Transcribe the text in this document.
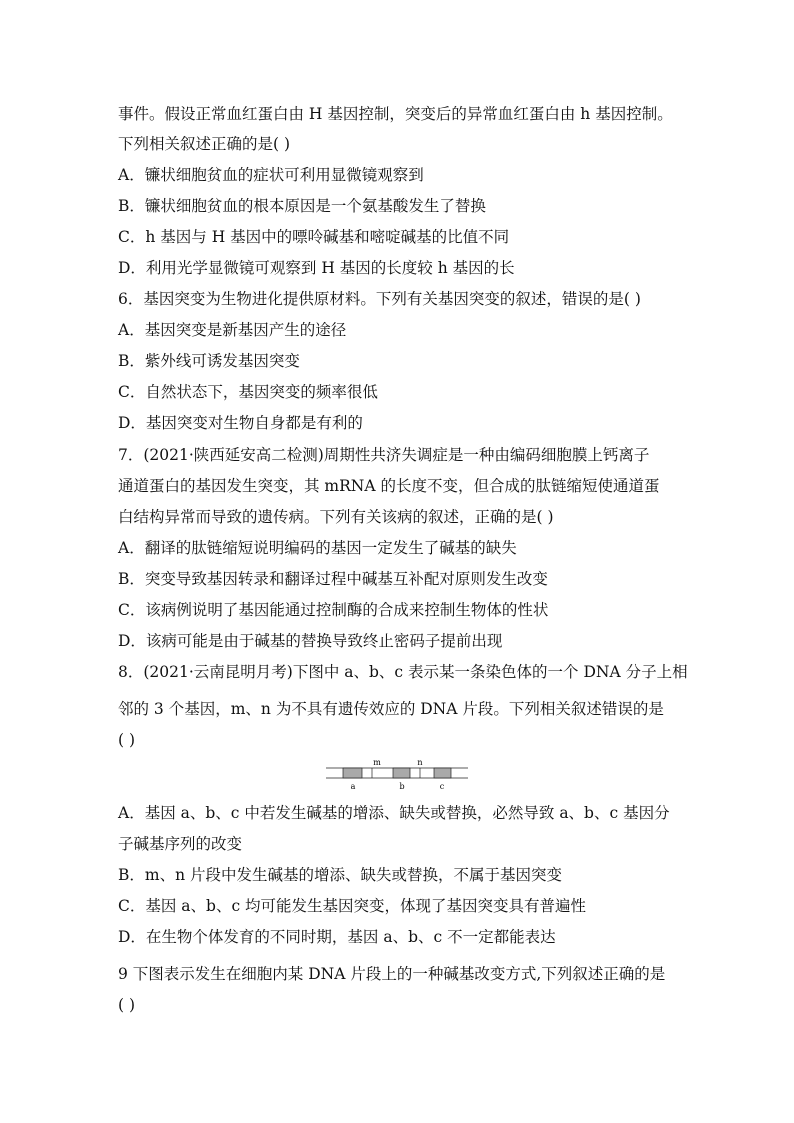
事件。假设正常血红蛋白由 H 基因控制，突变后的异常血红蛋白由 h 基因控制。
下列相关叙述正确的是( )
A．镰状细胞贫血的症状可利用显微镜观察到
B．镰状细胞贫血的根本原因是一个氨基酸发生了替换
C．h 基因与 H 基因中的嘌呤碱基和嘧啶碱基的比值不同
D．利用光学显微镜可观察到 H 基因的长度较 h 基因的长
6．基因突变为生物进化提供原材料。下列有关基因突变的叙述，错误的是( )
A．基因突变是新基因产生的途径
B．紫外线可诱发基因突变
C．自然状态下，基因突变的频率很低
D．基因突变对生物自身都是有利的
7．(2021·陕西延安高二检测)周期性共济失调症是一种由编码细胞膜上钙离子
通道蛋白的基因发生突变，其 mRNA 的长度不变，但合成的肽链缩短使通道蛋
白结构异常而导致的遗传病。下列有关该病的叙述，正确的是( )
A．翻译的肽链缩短说明编码的基因一定发生了碱基的缺失
B．突变导致基因转录和翻译过程中碱基互补配对原则发生改变
C．该病例说明了基因能通过控制酶的合成来控制生物体的性状
D．该病可能是由于碱基的替换导致终止密码子提前出现
8．(2021·云南昆明月考)下图中 a、b、c 表示某一条染色体的一个 DNA 分子上相
邻的 3 个基因，m、n 为不具有遗传效应的 DNA 片段。下列相关叙述错误的是
( )
m	n
a	b	c
A．基因 a、b、c 中若发生碱基的增添、缺失或替换，必然导致 a、b、c 基因分
子碱基序列的改变
B．m、n 片段中发生碱基的增添、缺失或替换，不属于基因突变
C．基因 a、b、c 均可能发生基因突变，体现了基因突变具有普遍性
D．在生物个体发育的不同时期，基因 a、b、c 不一定都能表达
9 下图表示发生在细胞内某 DNA 片段上的一种碱基改变方式,下列叙述正确的是
( )
